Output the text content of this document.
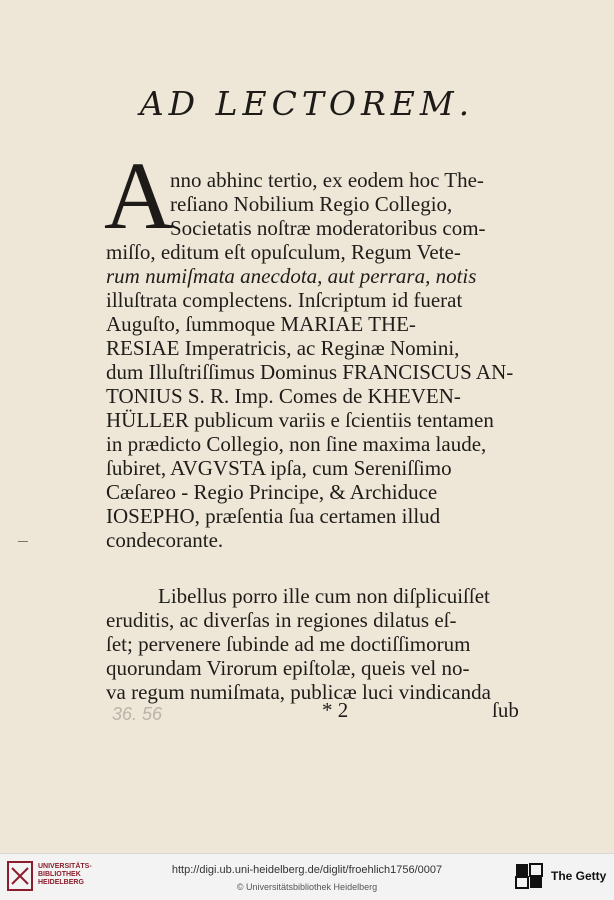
AD LECTOREM.
A
nno abhinc tertio, ex eodem hoc The-
reſiano Nobilium Regio Collegio,
Societatis noſtræ moderatoribus com-
miſſo, editum eſt opuſculum, Regum Vete-
rum numiſmata anecdota, aut perrara, notis
illuſtrata complectens. Inſcriptum id fuerat
Auguſto, ſummoque MARIAE THE-
RESIAE Imperatricis, ac Reginæ Nomini,
dum Illuſtriſſimus Dominus FRANCISCUS AN-
TONIUS S. R. Imp. Comes de KHEVEN-
HÜLLER publicum variis e ſcientiis tentamen
in prædicto Collegio, non ſine maxima laude,
ſubiret, AVGVSTA ipſa, cum Sereniſſimo
Cæſareo - Regio Principe, & Archiduce
IOSEPHO, præſentia ſua certamen illud
condecorante.
Libellus porro ille cum non diſplicuiſſet
eruditis, ac diverſas in regiones dilatus eſ-
ſet; pervenere ſubinde ad me doctiſſimorum
quorundam Virorum epiſtolæ, queis vel no-
va regum numiſmata, publicæ luci vindicanda
36. 56	* 2	ſub
UNIVERSITÄTS- BIBLIOTHEK HEIDELBERG
http://digi.ub.uni-heidelberg.de/diglit/froehlich1756/0007
© Universitätsbibliothek Heidelberg
The Getty
